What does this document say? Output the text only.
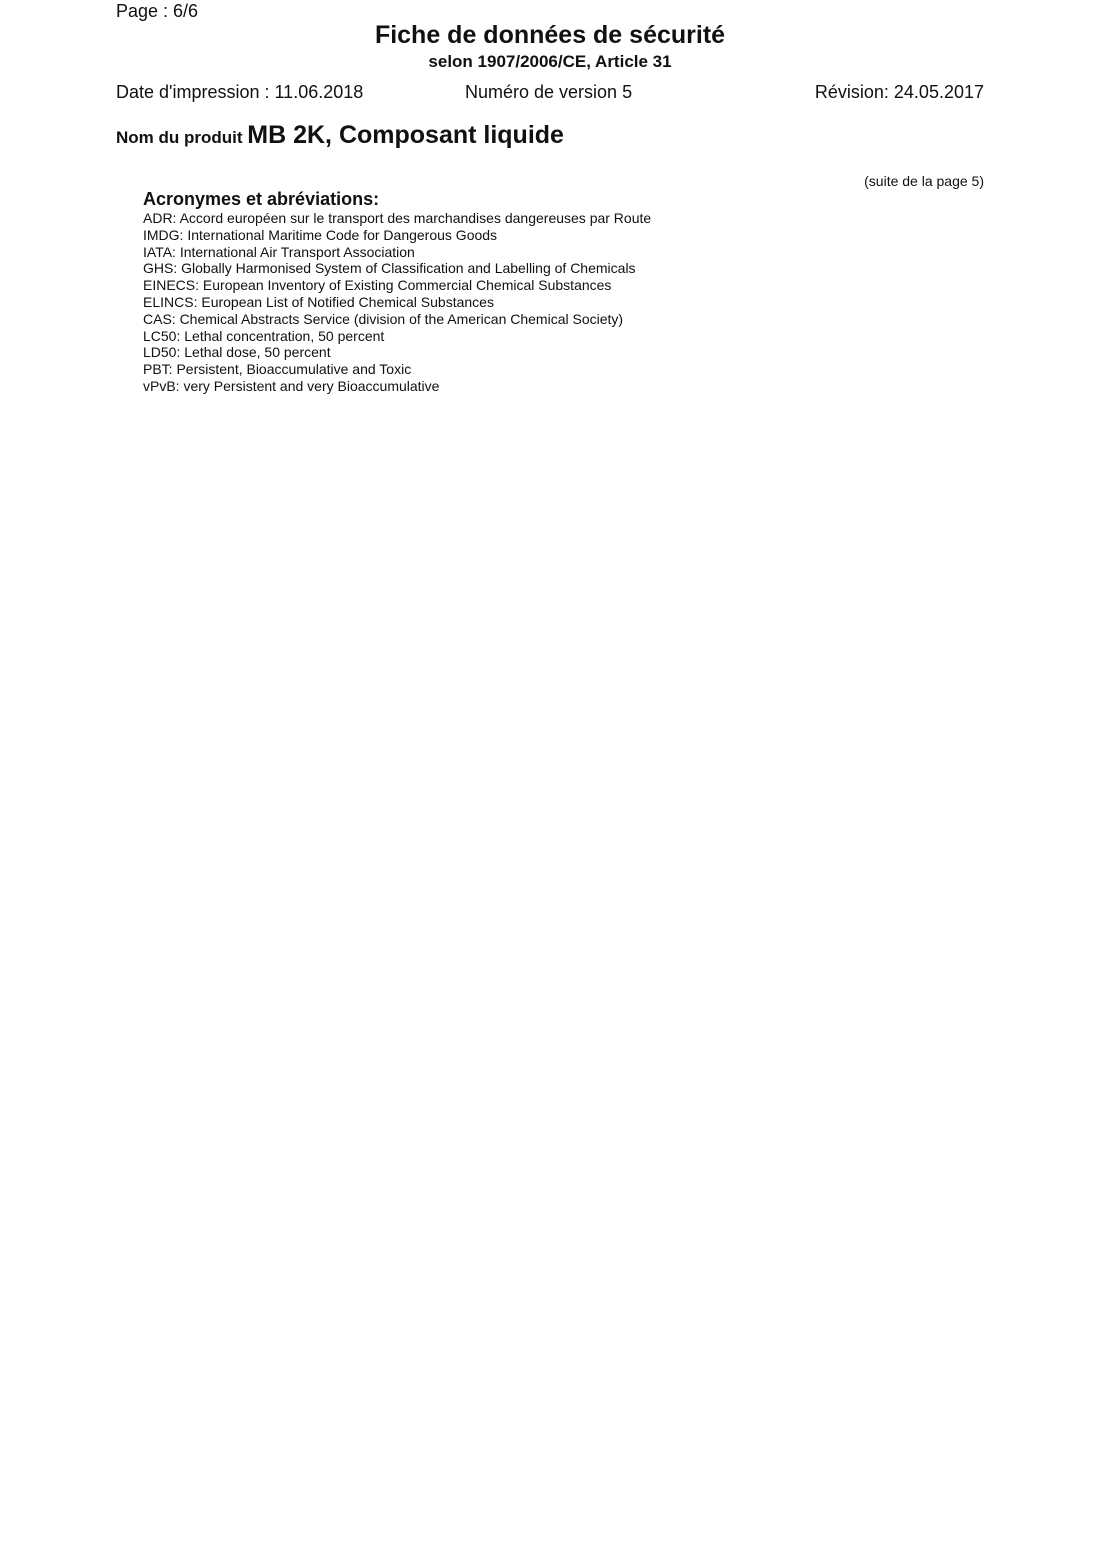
Page : 6/6
Fiche de données de sécurité
selon 1907/2006/CE, Article 31
Date d'impression : 11.06.2018	Numéro de version 5	Révision: 24.05.2017
Nom du produit MB 2K, Composant liquide
(suite de la page 5)
Acronymes et abréviations:
ADR: Accord européen sur le transport des marchandises dangereuses par Route
IMDG: International Maritime Code for Dangerous Goods
IATA: International Air Transport Association
GHS: Globally Harmonised System of Classification and Labelling of Chemicals
EINECS: European Inventory of Existing Commercial Chemical Substances
ELINCS: European List of Notified Chemical Substances
CAS: Chemical Abstracts Service (division of the American Chemical Society)
LC50: Lethal concentration, 50 percent
LD50: Lethal dose, 50 percent
PBT: Persistent, Bioaccumulative and Toxic
vPvB: very Persistent and very Bioaccumulative
